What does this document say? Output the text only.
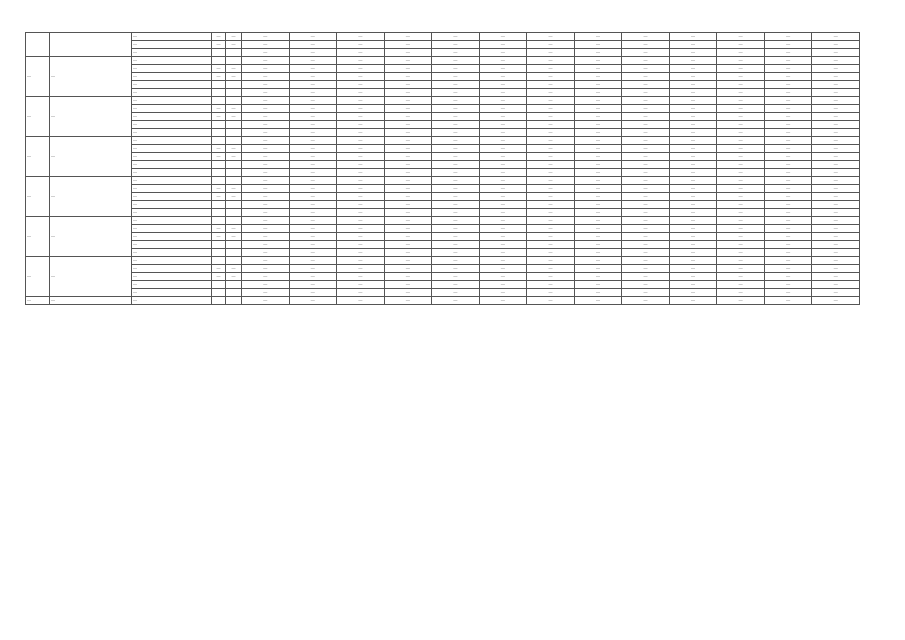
		—	—	—	—	—	—	—	—	—	—	—	—	—	—	—	—
		—	—	—	—	—	—	—	—	—	—	—	—	—	—	—	—
		—			—	—	—	—	—	—	—	—	—	—	—	—	—
—	—	—			—	—	—	—	—	—	—	—	—	—	—	—	—
		—	—	—	—	—	—	—	—	—	—	—	—	—	—	—	—
		—	—	—	—	—	—	—	—	—	—	—	—	—	—	—	—
		—			—	—	—	—	—	—	—	—	—	—	—	—	—
		—			—	—	—	—	—	—	—	—	—	—	—	—	—
—	—	—			—	—	—	—	—	—	—	—	—	—	—	—	—
		—	—	—	—	—	—	—	—	—	—	—	—	—	—	—	—
		—	—	—	—	—	—	—	—	—	—	—	—	—	—	—	—
		—			—	—	—	—	—	—	—	—	—	—	—	—	—
		—			—	—	—	—	—	—	—	—	—	—	—	—	—
—	—	—			—	—	—	—	—	—	—	—	—	—	—	—	—
		—	—	—	—	—	—	—	—	—	—	—	—	—	—	—	—
		—	—	—	—	—	—	—	—	—	—	—	—	—	—	—	—
		—			—	—	—	—	—	—	—	—	—	—	—	—	—
		—			—	—	—	—	—	—	—	—	—	—	—	—	—
—	—	—			—	—	—	—	—	—	—	—	—	—	—	—	—
		—	—	—	—	—	—	—	—	—	—	—	—	—	—	—	—
		—	—	—	—	—	—	—	—	—	—	—	—	—	—	—	—
		—			—	—	—	—	—	—	—	—	—	—	—	—	—
		—			—	—	—	—	—	—	—	—	—	—	—	—	—
—	—	—			—	—	—	—	—	—	—	—	—	—	—	—	—
		—	—	—	—	—	—	—	—	—	—	—	—	—	—	—	—
		—	—	—	—	—	—	—	—	—	—	—	—	—	—	—	—
		—			—	—	—	—	—	—	—	—	—	—	—	—	—
		—			—	—	—	—	—	—	—	—	—	—	—	—	—
—	—	—			—	—	—	—	—	—	—	—	—	—	—	—	—
		—	—	—	—	—	—	—	—	—	—	—	—	—	—	—	—
		—	—	—	—	—	—	—	—	—	—	—	—	—	—	—	—
		—			—	—	—	—	—	—	—	—	—	—	—	—	—
		—			—	—	—	—	—	—	—	—	—	—	—	—	—
—	—	—			—	—	—	—	—	—	—	—	—	—	—	—	—
